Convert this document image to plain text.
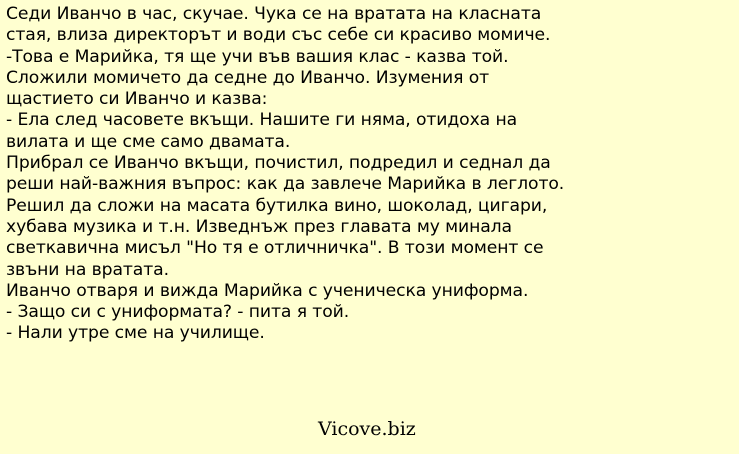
Седи Иванчо в час, скучае. Чука се на вратата на класната
стая, влиза директорът и води със себе си красиво момиче.
-Това е Марийка, тя ще учи във вашия клас - казва той.
Сложили момичето да седне до Иванчо. Изумения от
щастието си Иванчо и казва:
- Ела след часовете вкъщи. Нашите ги няма, отидоха на
вилата и ще сме само двамата.
Прибрал се Иванчо вкъщи, почистил, подредил и седнал да
реши най-важния въпрос: как да завлече Марийка в леглото.
Решил да сложи на масата бутилка вино, шоколад, цигари,
хубава музика и т.н. Изведнъж през главата му минала
светкавична мисъл "Но тя е отличничка". В този момент се
звъни на вратата.
Иванчо отваря и вижда Марийка с ученическа униформа.
- Защо си с униформата? - пита я той.
- Нали утре сме на училище.
Vicove.biz
